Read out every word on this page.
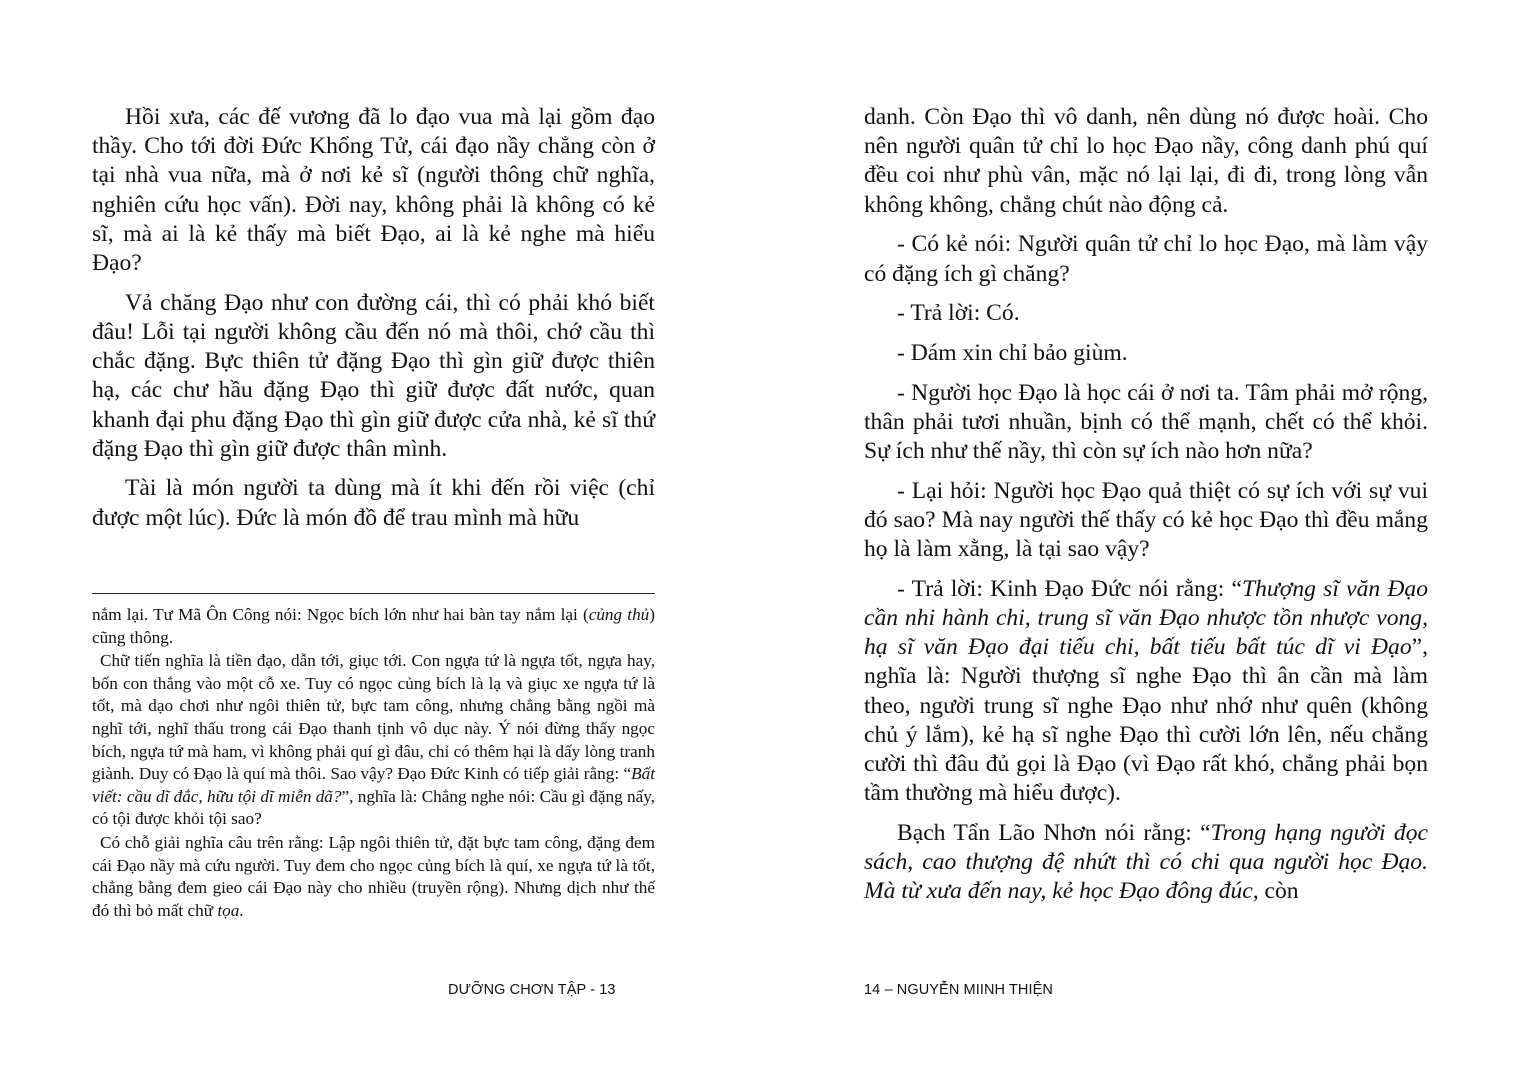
Hồi xưa, các đế vương đã lo đạo vua mà lại gồm đạo thầy. Cho tới đời Đức Khổng Tử, cái đạo nầy chẳng còn ở tại nhà vua nữa, mà ở nơi kẻ sĩ (người thông chữ nghĩa, nghiên cứu học vấn). Đời nay, không phải là không có kẻ sĩ, mà ai là kẻ thấy mà biết Đạo, ai là kẻ nghe mà hiểu Đạo?

Vả chăng Đạo như con đường cái, thì có phải khó biết đâu! Lỗi tại người không cầu đến nó mà thôi, chớ cầu thì chắc đặng. Bực thiên tử đặng Đạo thì gìn giữ được thiên hạ, các chư hầu đặng Đạo thì giữ được đất nước, quan khanh đại phu đặng Đạo thì gìn giữ được cửa nhà, kẻ sĩ thứ đặng Đạo thì gìn giữ được thân mình.

Tài là món người ta dùng mà ít khi đến rồi việc (chỉ được một lúc). Đức là món đồ để trau mình mà hữu

nắm lại. Tư Mã Ôn Công nói: Ngọc bích lớn như hai bàn tay nắm lại (củng thủ) cũng thông.

Chữ tiến nghĩa là tiền đạo, dẫn tới, giục tới. Con ngựa tứ là ngựa tốt, ngựa hay, bốn con thắng vào một cỗ xe. Tuy có ngọc củng bích là lạ và giục xe ngựa tứ là tốt, mà dạo chơi như ngôi thiên tử, bực tam công, nhưng chẳng bằng ngồi mà nghĩ tới, nghĩ thấu trong cái Đạo thanh tịnh vô dục này. Ý nói đừng thấy ngọc bích, ngựa tứ mà ham, vì không phải quí gì đâu, chỉ có thêm hại là dấy lòng tranh giành. Duy có Đạo là quí mà thôi. Sao vậy? Đạo Đức Kinh có tiếp giải rằng: “Bất viết: cầu dĩ đắc, hữu tội dĩ miễn dã?”, nghĩa là: Chẳng nghe nói: Cầu gì đặng nấy, có tội được khỏi tội sao?

Có chỗ giải nghĩa câu trên rằng: Lập ngôi thiên tử, đặt bực tam công, đặng đem cái Đạo nầy mà cứu người. Tuy đem cho ngọc củng bích là quí, xe ngựa tứ là tốt, chẳng bằng đem gieo cái Đạo này cho nhiều (truyền rộng). Nhưng dịch như thế đó thì bỏ mất chữ tọa.

DƯỠNG CHƠN TẬP - 13

danh. Còn Đạo thì vô danh, nên dùng nó được hoài. Cho nên người quân tử chỉ lo học Đạo nầy, công danh phú quí đều coi như phù vân, mặc nó lại lại, đi đi, trong lòng vẫn không không, chẳng chút nào động cả.

- Có kẻ nói: Người quân tử chỉ lo học Đạo, mà làm vậy có đặng ích gì chăng?

- Trả lời: Có.

- Dám xin chỉ bảo giùm.

- Người học Đạo là học cái ở nơi ta. Tâm phải mở rộng, thân phải tươi nhuần, bịnh có thể mạnh, chết có thể khỏi. Sự ích như thế nầy, thì còn sự ích nào hơn nữa?

- Lại hỏi: Người học Đạo quả thiệt có sự ích với sự vui đó sao? Mà nay người thế thấy có kẻ học Đạo thì đều mắng họ là làm xằng, là tại sao vậy?

- Trả lời: Kinh Đạo Đức nói rằng: “Thượng sĩ văn Đạo cần nhi hành chi, trung sĩ văn Đạo nhược tồn nhược vong, hạ sĩ văn Đạo đại tiếu chi, bất tiếu bất túc dĩ vi Đạo”, nghĩa là: Người thượng sĩ nghe Đạo thì ân cần mà làm theo, người trung sĩ nghe Đạo như nhớ như quên (không chủ ý lắm), kẻ hạ sĩ nghe Đạo thì cười lớn lên, nếu chẳng cười thì đâu đủ gọi là Đạo (vì Đạo rất khó, chẳng phải bọn tầm thường mà hiểu được).

Bạch Tẩn Lão Nhơn nói rằng: “Trong hạng người đọc sách, cao thượng đệ nhứt thì có chi qua người học Đạo. Mà từ xưa đến nay, kẻ học Đạo đông đúc, còn

14 – NGUYỄN MIINH THIỆN
